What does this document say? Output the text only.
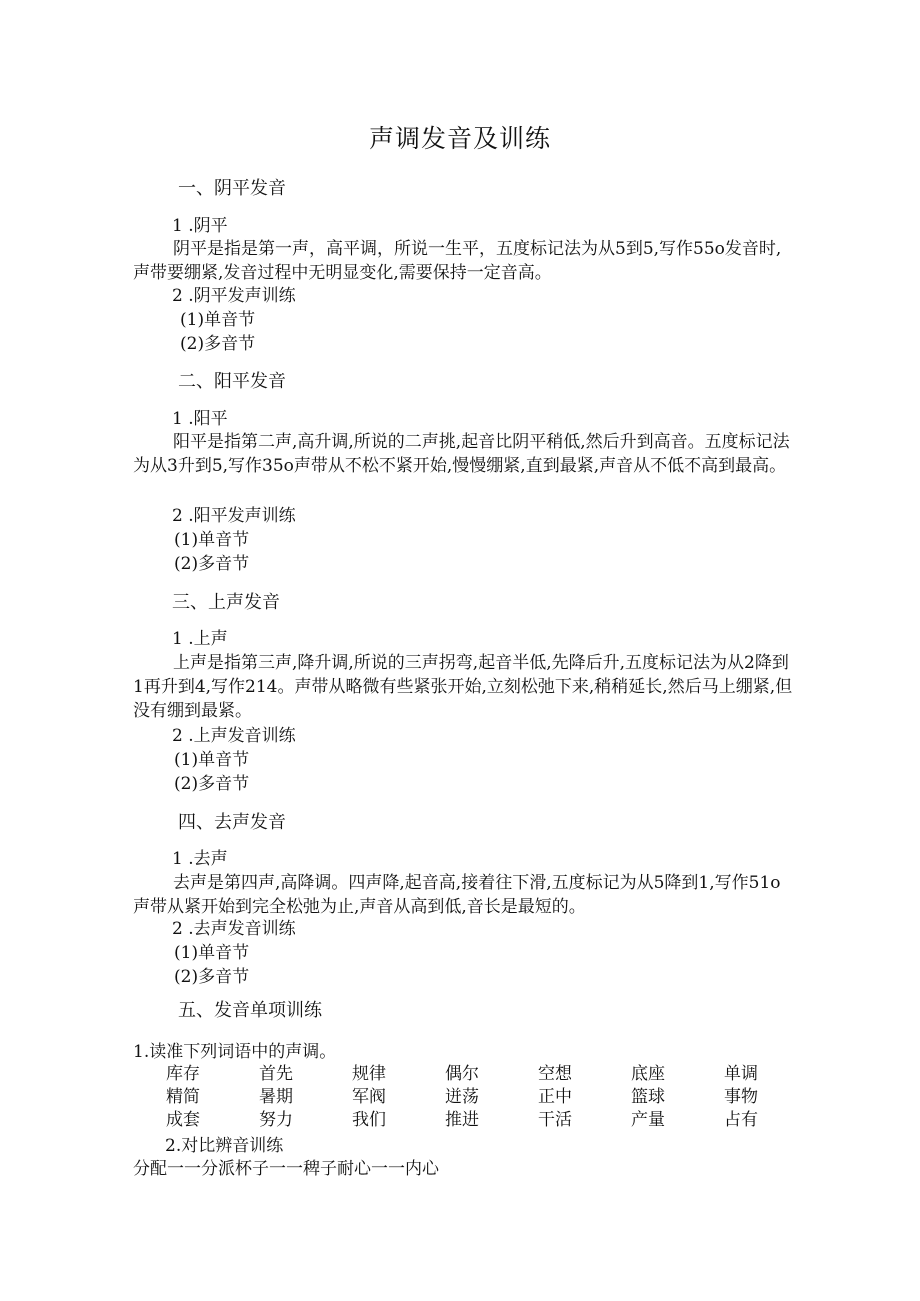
声调发音及训练
一、阴平发音
1 .阴平
阴平是指是第一声，高平调，所说一生平，五度标记法为从5到5,写作55o发音时,声带要绷紧,发音过程中无明显变化,需要保持一定音高。
2 .阴平发声训练
(1)单音节
(2)多音节
二、阳平发音
1 .阳平
阳平是指第二声,高升调,所说的二声挑,起音比阴平稍低,然后升到高音。五度标记法为从3升到5,写作35o声带从不松不紧开始,慢慢绷紧,直到最紧,声音从不低不高到最高。
2 .阳平发声训练
(1)单音节
(2)多音节
三、上声发音
1 .上声
上声是指第三声,降升调,所说的三声拐弯,起音半低,先降后升,五度标记法为从2降到1再升到4,写作214。声带从略微有些紧张开始,立刻松弛下来,稍稍延长,然后马上绷紧,但没有绷到最紧。
2 .上声发音训练
(1)单音节
(2)多音节
四、去声发音
1 .去声
去声是第四声,高降调。四声降,起音高,接着往下滑,五度标记为从5降到1,写作51o声带从紧开始到完全松弛为止,声音从高到低,音长是最短的。
2 .去声发音训练
(1)单音节
(2)多音节
五、发音单项训练
1.读准下列词语中的声调。
库存	首先	规律	偶尔	空想	底座	单调
精简	暑期	军阀	迸荡	正中	篮球	事物
成套	努力	我们	推进	干活	产量	占有
2.对比辨音训练
分配一一分派杯子一一稗子耐心一一内心
